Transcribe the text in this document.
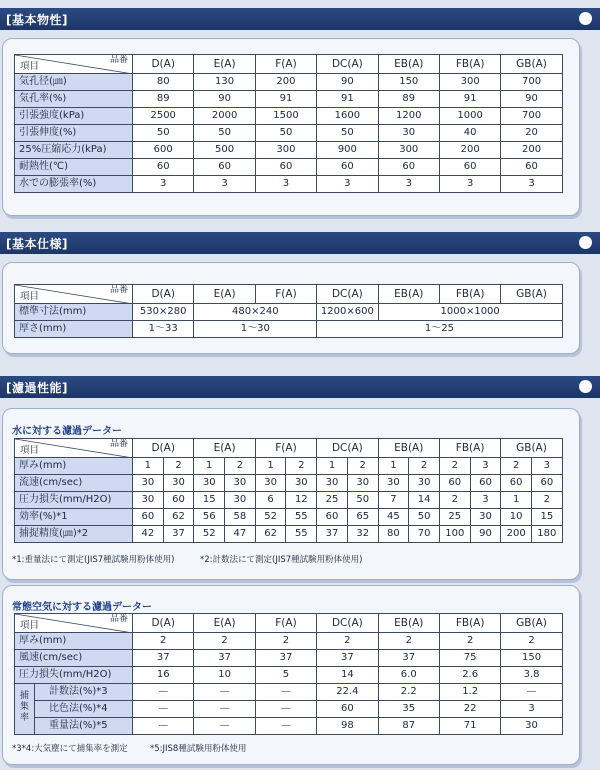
[基本物性]
品番
項目	D(A)	E(A)	F(A)	DC(A)	EB(A)	FB(A)	GB(A)
気孔径(㎛)	80	130	200	90	150	300	700
気孔率(%)	89	90	91	91	89	91	90
引張強度(kPa)	2500	2000	1500	1600	1200	1000	700
引張伸度(%)	50	50	50	50	30	40	20
25%圧縮応力(kPa)	600	500	300	900	300	200	200
耐熱性(℃)	60	60	60	60	60	60	60
水での膨張率(%)	3	3	3	3	3	3	3
[基本仕様]
品番
項目	D(A)	E(A)	F(A)	DC(A)	EB(A)	FB(A)	GB(A)
標準寸法(mm)	530×280	480×240		1200×600	1000×1000		
厚さ(mm)	1〜33	1〜30		1〜25			
[濾過性能]
水に対する濾過データー
品番
項目	D(A)		E(A)		F(A)		DC(A)		EB(A)		FB(A)		GB(A)	
厚み(mm)	1	2	1	2	1	2	1	2	1	2	2	3	2	3
流速(cm/sec)	30	30	30	30	30	30	30	30	30	30	60	60	60	60
圧力損失(mm/H2O)	30	60	15	30	6	12	25	50	7	14	2	3	1	2
効率(%)*1	60	62	56	58	52	55	60	65	45	50	25	30	10	15
捕捉精度(㎛)*2	42	37	52	47	62	55	37	32	80	70	100	90	200	180
*1:重量法にて測定(JIS7種試験用粉体使用)	*2:計数法にて測定(JIS7種試験用粉体使用)
常態空気に対する濾過データー
品番
項目		D(A)	E(A)	F(A)	DC(A)	EB(A)	FB(A)	GB(A)
厚み(mm)		2	2	2	2	2	2	2
風速(cm/sec)		37	37	37	37	37	75	150
圧力損失(mm/H2O)		16	10	5	14	6.0	2.6	3.8
捕集率	計数法(%)*3	—	—	—	22.4	2.2	1.2	—
	比色法(%)*4	—	—	—	60	35	22	3
	重量法(%)*5	—	—	—	98	87	71	30
*3*4:大気塵にて捕集率を測定	*5:JIS8種試験用粉体使用
